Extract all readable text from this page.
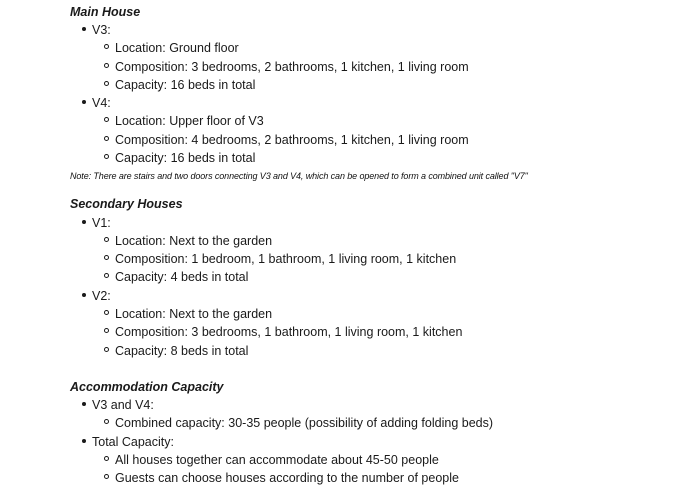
Main House
V3:
Location: Ground floor
Composition: 3 bedrooms, 2 bathrooms, 1 kitchen, 1 living room
Capacity: 16 beds in total
V4:
Location: Upper floor of V3
Composition: 4 bedrooms, 2 bathrooms, 1 kitchen, 1 living room
Capacity: 16 beds in total
Note: There are stairs and two doors connecting V3 and V4, which can be opened to form a combined unit called "V7"
Secondary Houses
V1:
Location: Next to the garden
Composition: 1 bedroom, 1 bathroom, 1 living room, 1 kitchen
Capacity: 4 beds in total
V2:
Location: Next to the garden
Composition: 3 bedrooms, 1 bathroom, 1 living room, 1 kitchen
Capacity: 8 beds in total
Accommodation Capacity
V3 and V4:
Combined capacity: 30-35 people (possibility of adding folding beds)
Total Capacity:
All houses together can accommodate about 45-50 people
Guests can choose houses according to the number of people
